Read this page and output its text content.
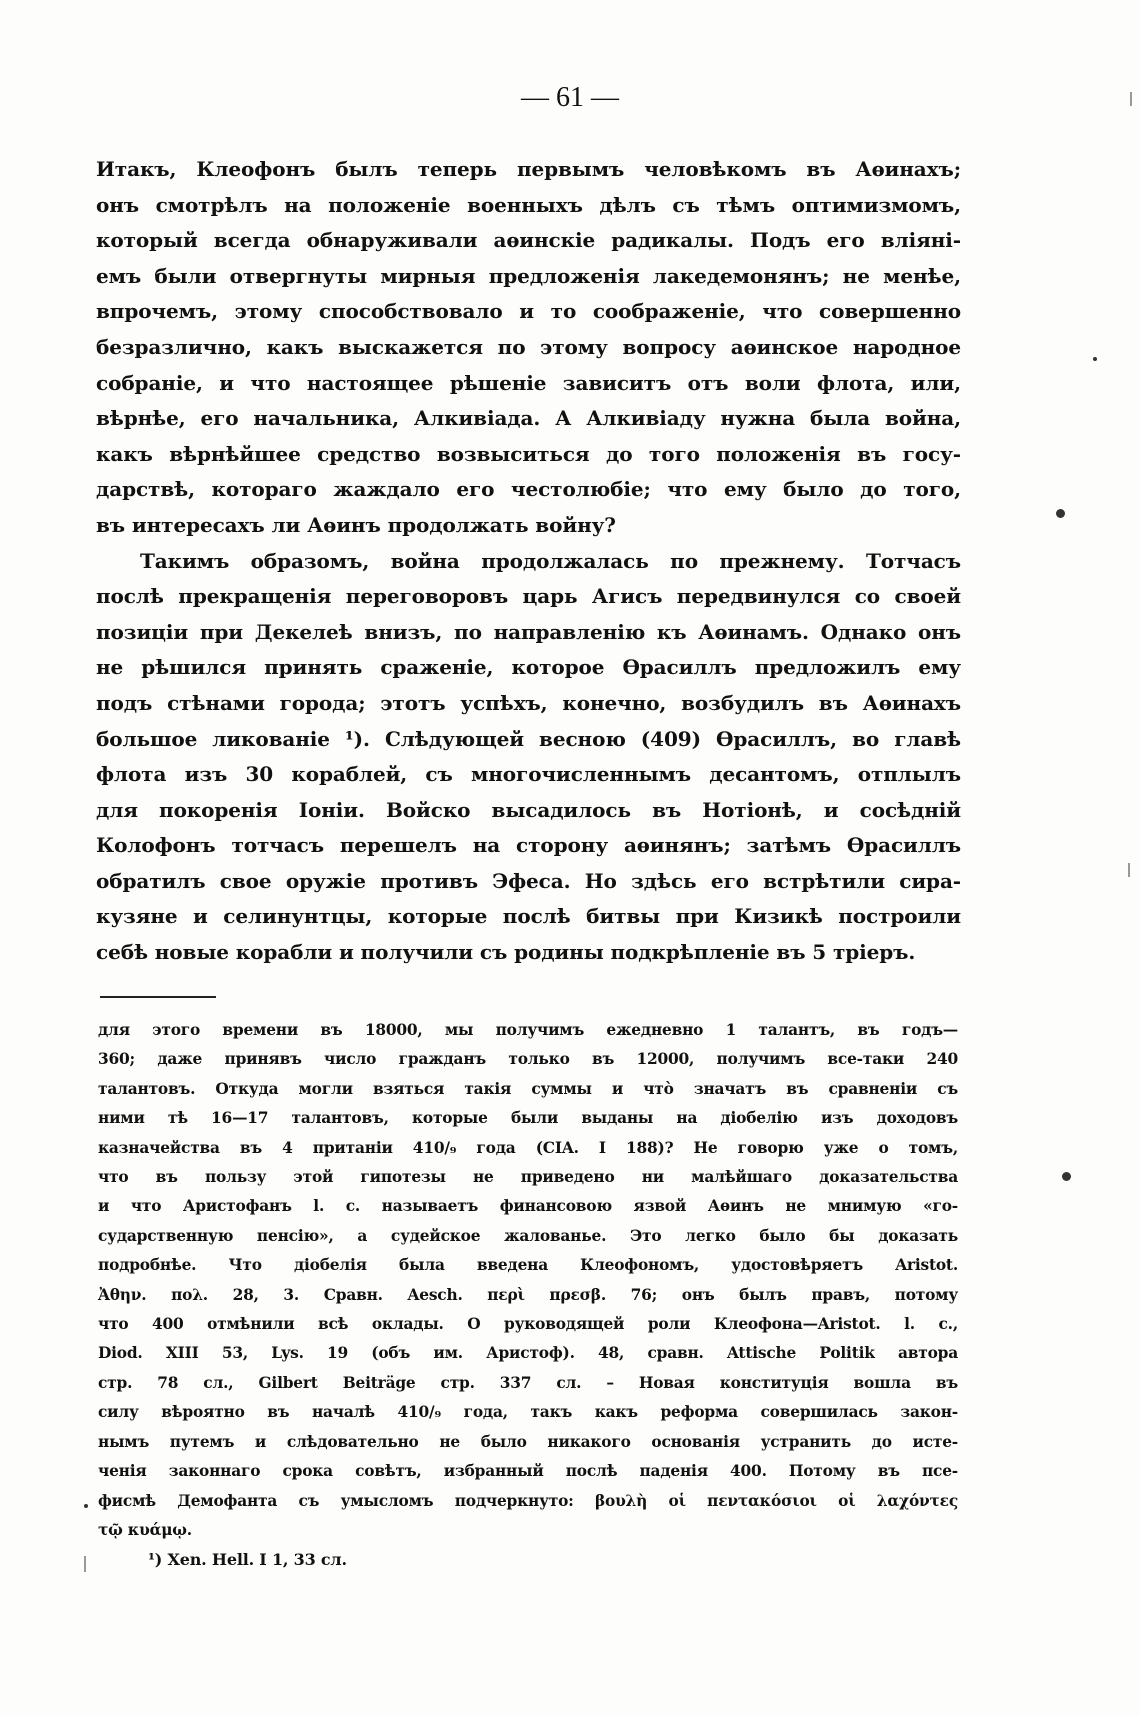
— 61 —
Итакъ, Клеофонъ былъ теперь первымъ человѣкомъ въ Аѳинахъ;
онъ смотрѣлъ на положеніе военныхъ дѣлъ съ тѣмъ оптимизмомъ,
который всегда обнаруживали аѳинскіе радикалы. Подъ его вліяні-
емъ были отвергнуты мирныя предложенія лакедемонянъ; не менѣе,
впрочемъ, этому способствовало и то соображеніе, что совершенно
безразлично, какъ выскажется по этому вопросу аѳинское народное
собраніе, и что настоящее рѣшеніе зависитъ отъ воли флота, или,
вѣрнѣе, его начальника, Алкивіада. А Алкивіаду нужна была война,
какъ вѣрнѣйшее средство возвыситься до того положенія въ госу-
дарствѣ, котораго жаждало его честолюбіе; что ему было до того,
въ интересахъ ли Аѳинъ продолжать войну?
Такимъ образомъ, война продолжалась по прежнему. Тотчасъ
послѣ прекращенія переговоровъ царь Агисъ передвинулся со своей
позиціи при Декелеѣ внизъ, по направленію къ Аѳинамъ. Однако онъ
не рѣшился принять сраженіе, которое Ѳрасиллъ предложилъ ему
подъ стѣнами города; этотъ успѣхъ, конечно, возбудилъ въ Аѳинахъ
большое ликованіе ¹). Слѣдующей весною (409) Ѳрасиллъ, во главѣ
флота изъ 30 кораблей, съ многочисленнымъ десантомъ, отплылъ
для покоренія Іоніи. Войско высадилось въ Нотіонѣ, и сосѣдній
Колофонъ тотчасъ перешелъ на сторону аѳинянъ; затѣмъ Ѳрасиллъ
обратилъ свое оружіе противъ Эфеса. Но здѣсь его встрѣтили сира-
кузяне и селинунтцы, которые послѣ битвы при Кизикѣ построили
себѣ новые корабли и получили съ родины подкрѣпленіе въ 5 тріеръ.
для этого времени въ 18000, мы получимъ ежедневно 1 талантъ, въ годъ—
360; даже принявъ число гражданъ только въ 12000, получимъ все-таки 240
талантовъ. Откуда могли взяться такія суммы и что̀ значатъ въ сравненіи съ
ними тѣ 16—17 талантовъ, которые были выданы на діобелію изъ доходовъ
казначейства въ 4 пританіи 410/₉ года (CIA. I 188)? Не говорю уже о томъ,
что въ пользу этой гипотезы не приведено ни малѣйшаго доказательства
и что Аристофанъ l. c. называетъ финансовою язвой Аѳинъ не мнимую «го-
сударственную пенсію», а судейское жалованье. Это легко было бы доказать
подробнѣе. Что діобелія была введена Клеофономъ, удостовѣряетъ Aristot.
Ἀθην. πολ. 28, 3. Сравн. Aesch. περὶ πρεσβ. 76; онъ былъ правъ, потому
что 400 отмѣнили всѣ оклады. О руководящей роли Клеофона—Aristot. l. c.,
Diod. XIII 53, Lys. 19 (объ им. Аристоф). 48, сравн. Attische Politik автора
стр. 78 сл., Gilbert Beiträge стр. 337 сл. – Новая конституція вошла въ
силу вѣроятно въ началѣ 410/₉ года, такъ какъ реформа совершилась закон-
нымъ путемъ и слѣдовательно не было никакого основанія устранить до исте-
ченія законнаго срока совѣтъ, избранный послѣ паденія 400. Потому въ псе-
фисмѣ Демофанта съ умысломъ подчеркнуто: βουλὴ οἱ πεντακόσιοι οἱ λαχόντες
τῷ κυάμῳ.
¹) Xen. Hell. I 1, 33 сл.
